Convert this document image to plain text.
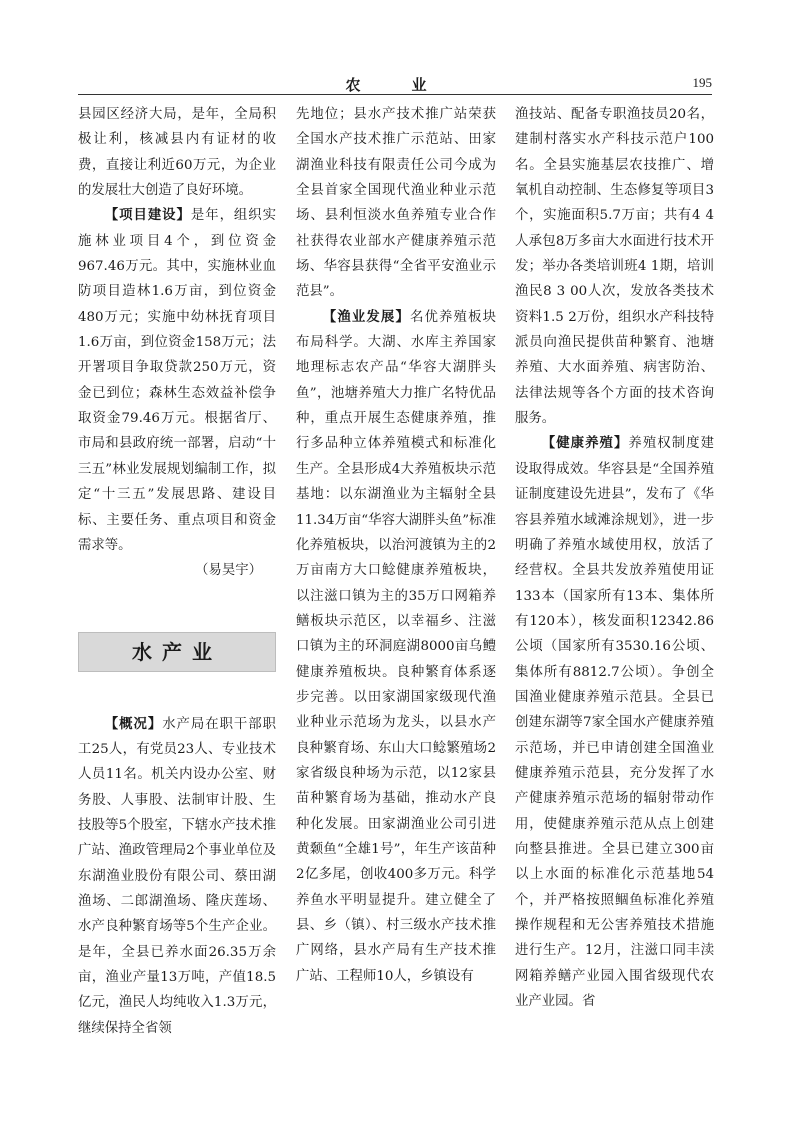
农　业	195

县园区经济大局，是年，全局积极让利，核减县内有证材的收费，直接让利近60万元，为企业的发展壮大创造了良好环境。

【项目建设】是年，组织实施林业项目4个，到位资金967.46万元。其中，实施林业血防项目造林1.6万亩，到位资金480万元；实施中幼林抚育项目1.6万亩，到位资金158万元；法开署项目争取贷款250万元，资金已到位；森林生态效益补偿争取资金79.46万元。根据省厅、市局和县政府统一部署，启动“十三五”林业发展规划编制工作，拟定“十三五”发展思路、建设目标、主要任务、重点项目和资金需求等。

（易昊宇）

水产业

【概况】水产局在职干部职工25人，有党员23人、专业技术人员11名。机关内设办公室、财务股、人事股、法制审计股、生技股等5个股室，下辖水产技术推广站、渔政管理局2个事业单位及东湖渔业股份有限公司、蔡田湖渔场、二郎湖渔场、隆庆莲场、水产良种繁育场等5个生产企业。是年，全县已养水面26.35万余亩，渔业产量13万吨，产值18.5亿元，渔民人均纯收入1.3万元，继续保持全省领

先地位；县水产技术推广站荣获全国水产技术推广示范站、田家湖渔业科技有限责任公司今成为全县首家全国现代渔业种业示范场、县利恒淡水鱼养殖专业合作社获得农业部水产健康养殖示范场、华容县获得“全省平安渔业示范县”。

【渔业发展】名优养殖板块布局科学。大湖、水库主养国家地理标志农产品“华容大湖胖头鱼”，池塘养殖大力推广名特优品种，重点开展生态健康养殖，推行多品种立体养殖模式和标准化生产。全县形成4大养殖板块示范基地：以东湖渔业为主辐射全县11.34万亩“华容大湖胖头鱼”标准化养殖板块，以治河渡镇为主的2万亩南方大口鲶健康养殖板块，以注滋口镇为主的35万口网箱养鳝板块示范区，以幸福乡、注滋口镇为主的环洞庭湖8000亩乌鳢健康养殖板块。良种繁育体系逐步完善。以田家湖国家级现代渔业种业示范场为龙头，以县水产良种繁育场、东山大口鲶繁殖场2家省级良种场为示范，以12家县苗种繁育场为基础，推动水产良种化发展。田家湖渔业公司引进黄颡鱼“全雄1号”，年生产该苗种2亿多尾，创收400多万元。科学养鱼水平明显提升。建立健全了县、乡（镇）、村三级水产技术推广网络，县水产局有生产技术推广站、工程师10人，乡镇设有

渔技站、配备专职渔技员20名，建制村落实水产科技示范户100名。全县实施基层农技推广、增氧机自动控制、生态修复等项目3个，实施面积5.7万亩；共有4 4人承包8万多亩大水面进行技术开发；举办各类培训班4 1期，培训渔民8 3 00人次，发放各类技术资料1.5 2万份，组织水产科技特派员向渔民提供苗种繁育、池塘养殖、大水面养殖、病害防治、法律法规等各个方面的技术咨询服务。

【健康养殖】养殖权制度建设取得成效。华容县是“全国养殖证制度建设先进县”，发布了《华容县养殖水域滩涂规划》，进一步明确了养殖水域使用权，放活了经营权。全县共发放养殖使用证133本（国家所有13本、集体所有120本），核发面积12342.86公顷（国家所有3530.16公顷、集体所有8812.7公顷）。争创全国渔业健康养殖示范县。全县已创建东湖等7家全国水产健康养殖示范场，并已申请创建全国渔业健康养殖示范县，充分发挥了水产健康养殖示范场的辐射带动作用，使健康养殖示范从点上创建向整县推进。全县已建立300亩以上水面的标准化示范基地54个，并严格按照鲴鱼标准化养殖操作规程和无公害养殖技术措施进行生产。12月，注滋口同丰渎网箱养鳝产业园入围省级现代农业产业园。省
